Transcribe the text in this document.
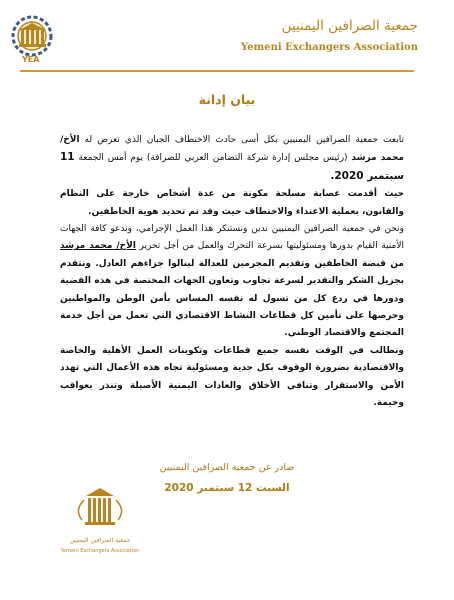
YEA
جمعية الصرافين اليمنيين
Yemeni Exchangers Association
بيان إدانة

تابعت جمعية الصرافين اليمنيين بكل أسى حادث الاختطاف الجبان الذي تعرض له الأخ/ محمد مرشد (رئيس مجلس إدارة شركة التضامن العربي للصرافة) يوم أمس الجمعة 11 سبتمبر 2020.

حيث أقدمت عصابة مسلحة مكونة من عدة أشخاص خارجة على النظام والقانون، بعملية الاعتداء والاختطاف حيث وقد تم تحديد هوية الخاطفين.

ونحن في جمعية الصرافين اليمنيين ندين ونستنكر هذا العمل الإجرامي، وندعو كافة الجهات الأمنية القيام بدورها ومسئوليتها بسرعة التحرك والعمل من أجل تحرير الأخ/ محمد مرشد من قبضة الخاطفين وتقديم المجرمين للعدالة لينالوا جزاءهم العادل. ونتقدم بجزيل الشكر والتقدير لسرعة تجاوب وتعاون الجهات المختصة في هذه القضية ودورها في ردع كل من تسول له نفسه المساس بأمن الوطن والمواطنين وحرصها على تأمين كل قطاعات النشاط الاقتصادي التي تعمل من أجل خدمة المجتمع والاقتصاد الوطني.

ونطالب في الوقت نفسه جميع قطاعات وتكوينات العمل الأهلية والخاصة والاقتصادية بضرورة الوقوف بكل جدية ومسئولية تجاه هذه الأعمال التي تهدد الأمن والاستقرار وتنافي الأخلاق والعادات اليمنية الأصيلة وتنذر بعواقب وخيمة.

صادر عن جمعية الصرافين اليمنيين
السبت 12 سبتمبر 2020
جمعية الصرافين اليمنيين
Yemeni Exchangers Association
